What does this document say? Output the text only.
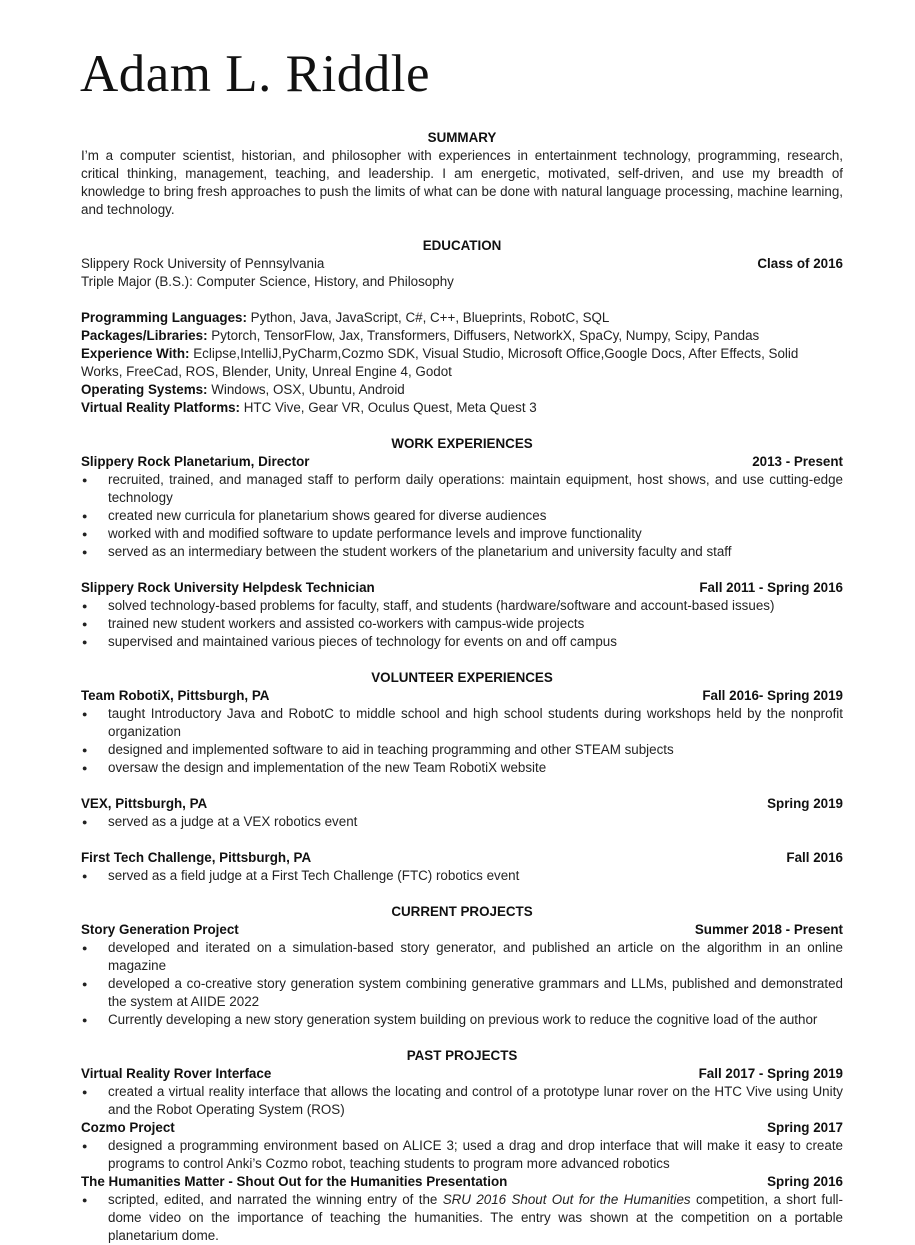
Adam L. Riddle
SUMMARY
I’m a computer scientist, historian, and philosopher with experiences in entertainment technology, programming, research, critical thinking, management, teaching, and leadership. I am energetic, motivated, self-driven, and use my breadth of knowledge to bring fresh approaches to push the limits of what can be done with natural language processing, machine learning, and technology.
EDUCATION
Slippery Rock University of Pennsylvania	Class of 2016
Triple Major (B.S.): Computer Science, History, and Philosophy
Programming Languages: Python, Java, JavaScript, C#, C++, Blueprints, RobotC, SQL
Packages/Libraries: Pytorch, TensorFlow, Jax, Transformers, Diffusers, NetworkX, SpaCy, Numpy, Scipy, Pandas
Experience With: Eclipse,IntelliJ,PyCharm,Cozmo SDK, Visual Studio, Microsoft Office,Google Docs, After Effects, Solid Works, FreeCad, ROS, Blender, Unity, Unreal Engine 4, Godot
Operating Systems: Windows, OSX, Ubuntu, Android
Virtual Reality Platforms: HTC Vive, Gear VR, Oculus Quest, Meta Quest 3
WORK EXPERIENCES
Slippery Rock Planetarium, Director	2013 - Present
● recruited, trained, and managed staff to perform daily operations: maintain equipment, host shows, and use cutting-edge technology
● created new curricula for planetarium shows geared for diverse audiences
● worked with and modified software to update performance levels and improve functionality
● served as an intermediary between the student workers of the planetarium and university faculty and staff
Slippery Rock University Helpdesk Technician	Fall 2011 - Spring 2016
● solved technology-based problems for faculty, staff, and students (hardware/software and account-based issues)
● trained new student workers and assisted co-workers with campus-wide projects
● supervised and maintained various pieces of technology for events on and off campus
VOLUNTEER EXPERIENCES
Team RobotiX, Pittsburgh, PA	Fall 2016- Spring 2019
● taught Introductory Java and RobotC to middle school and high school students during workshops held by the nonprofit organization
● designed and implemented software to aid in teaching programming and other STEAM subjects
● oversaw the design and implementation of the new Team RobotiX website
VEX, Pittsburgh, PA	Spring 2019
● served as a judge at a VEX robotics event
First Tech Challenge, Pittsburgh, PA	Fall 2016
● served as a field judge at a First Tech Challenge (FTC) robotics event
CURRENT PROJECTS
Story Generation Project	Summer 2018 - Present
● developed and iterated on a simulation-based story generator, and published an article on the algorithm in an online magazine
● developed a co-creative story generation system combining generative grammars and LLMs, published and demonstrated the system at AIIDE 2022
● Currently developing a new story generation system building on previous work to reduce the cognitive load of the author
PAST PROJECTS
Virtual Reality Rover Interface	Fall 2017 - Spring 2019
● created a virtual reality interface that allows the locating and control of a prototype lunar rover on the HTC Vive using Unity and the Robot Operating System (ROS)
Cozmo Project	Spring 2017
● designed a programming environment based on ALICE 3; used a drag and drop interface that will make it easy to create programs to control Anki’s Cozmo robot, teaching students to program more advanced robotics
The Humanities Matter - Shout Out for the Humanities Presentation	Spring 2016
● scripted, edited, and narrated the winning entry of the SRU 2016 Shout Out for the Humanities competition, a short full-dome video on the importance of teaching the humanities. The entry was shown at the competition on a portable planetarium dome.
